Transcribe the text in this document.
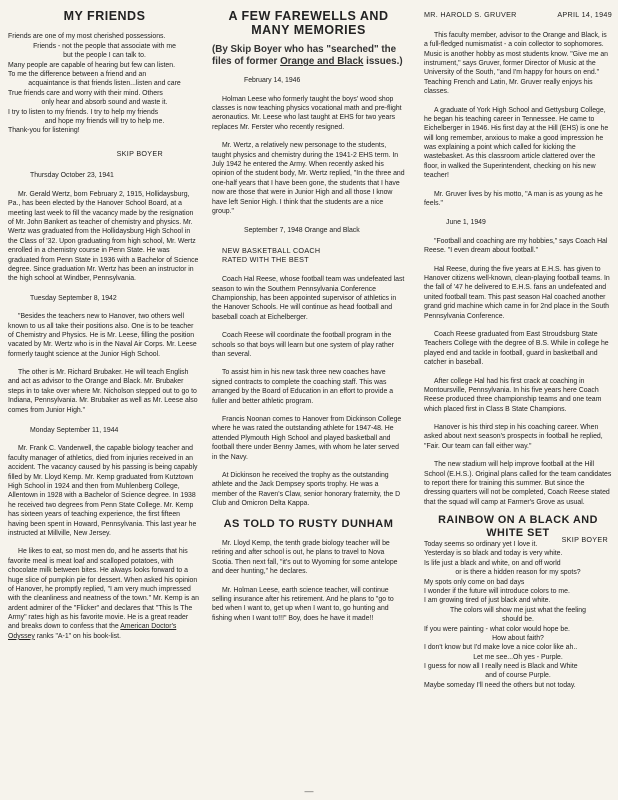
MY FRIENDS

Friends are one of my most cherished possessions.

Friends - not the people that associate with me

but the people I can talk to.

Many people are capable of hearing but few can listen.

To me the difference between a friend and an

acquaintance is that friends listen...listen and care

True friends care and worry with their mind. Others

only hear and absorb sound and waste it.

I try to listen to my friends. I try to help my friends

and hope my friends will try to help me.

Thank-you for listening!

SKIP BOYER

Thursday October 23, 1941

Mr. Gerald Wertz, born February 2, 1915, Hollidaysburg, Pa., has been elected by the Hanover School Board, at a meeting last week to fill the vacancy made by the resignation of Mr. John Bankert as teacher of chemistry and physics. Mr. Wertz was graduated from the Hollidaysburg High School in the Class of '32. Upon graduating from high school, Mr. Wertz enrolled in a chemistry course in Penn State. He was graduated from Penn State in 1936 with a Bachelor of Science degree. Since graduation Mr. Wertz has been an instructor in the high school at Windber, Pennsylvania.

Tuesday September 8, 1942

"Besides the teachers new to Hanover, two others well known to us all take their positions also. One is to be teacher of Chemistry and Physics. He is Mr. Leese, filling the position vacated by Mr. Wertz who is in the Naval Air Corps. Mr. Leese formerly taught science at the Junior High School.

The other is Mr. Richard Brubaker. He will teach English and act as advisor to the Orange and Black. Mr. Brubaker steps in to take over where Mr. Nicholson stepped out to go to Indiana, Pennsylvania. Mr. Brubaker as well as Mr. Leese also comes from Junior High."

Monday September 11, 1944

Mr. Frank C. Vanderwell, the capable biology teacher and faculty manager of athletics, died from injuries received in an accident. The vacancy caused by his passing is being capably filled by Mr. Lloyd Kemp. Mr. Kemp graduated from Kutztown High School in 1924 and then from Muhlenberg College, Allentown in 1928 with a Bachelor of Science degree. In 1938 he received two degrees from Penn State College. Mr. Kemp has sixteen years of teaching experience, the first fifteen having been spent in Howard, Pennsylvania. This last year he instructed at Millville, New Jersey.

He likes to eat, so most men do, and he asserts that his favorite meal is meat loaf and scalloped potatoes, with chocolate milk between bites. He always looks forward to a huge slice of pumpkin pie for dessert. When asked his opinion of Hanover, he promptly replied, "I am very much impressed with the cleanliness and neatness of the town." Mr. Kemp is an ardent admirer of the "Flicker" and declares that "This Is The Army" rates high as his favorite movie. He is a great reader and breaks down to confess that the American Doctor's Odyssey ranks "A-1" on his book-list.

A FEW FAREWELLS AND MANY MEMORIES

(By Skip Boyer who has "searched" the files of former Orange and Black issues.)

February 14, 1946

Holman Leese who formerly taught the boys' wood shop classes is now teaching physics vocational math and pre-flight aeronautics. Mr. Leese who last taught at EHS for two years replaces Mr. Ferster who recently resigned.

Mr. Wertz, a relatively new personage to the students, taught physics and chemistry during the 1941-2 EHS term. In July 1942 he entered the Army. When recently asked his opinion of the student body, Mr. Wertz replied, "In the three and one-half years that I have been gone, the students that I have now are those that were in Junior High and all those I know have left Senior High. I think that the students are a nice group."

September 7, 1948 Orange and Black

NEW BASKETBALL COACH RATED WITH THE BEST

Coach Hal Reese, whose football team was undefeated last season to win the Southern Pennsylvania Conference Championship, has been appointed supervisor of athletics in the Hanover Schools. He will continue as head football and baseball coach at Eichelberger.

Coach Reese will coordinate the football program in the schools so that boys will learn but one system of play rather than several.

To assist him in his new task three new coaches have signed contracts to complete the coaching staff. This was arranged by the Board of Education in an effort to provide a fuller and better athletic program.

Francis Noonan comes to Hanover from Dickinson College where he was rated the outstanding athlete for 1947-48. He attended Plymouth High School and played basketball and football there under Benny James, with whom he later served in the Navy.

At Dickinson he received the trophy as the outstanding athlete and the Jack Dempsey sports trophy. He was a member of the Raven's Claw, senior honorary fraternity, the D Club and Omicron Delta Kappa.

AS TOLD TO RUSTY DUNHAM

Mr. Lloyd Kemp, the tenth grade biology teacher will be retiring and after school is out, he plans to travel to Nova Scotia. Then next fall, "it's out to Wyoming for some antelope and deer hunting," he declares.

Mr. Holman Leese, earth science teacher, will continue selling insurance after his retirement. And he plans to "go to bed when I want to, get up when I want to, go hunting and fishing when I want to!!!" Boy, does he have it made!!

MR. HAROLD S. GRUVER	APRIL 14, 1949

This faculty member, advisor to the Orange and Black, is a full-fledged numismatist - a coin collector to sophomores. Music is another hobby as most students know. "Give me an instrument," says Gruver, former Director of Music at the University of the South, "and I'm happy for hours on end." Teaching French and Latin, Mr. Gruver really enjoys his classes.

A graduate of York High School and Gettysburg College, he began his teaching career in Tennessee. He came to Eichelberger in 1946. His first day at the Hill (EHS) is one he will long remember, anxious to make a good impression he was explaining a point which called for kicking the wastebasket. As this classroom article clattered over the floor, in walked the Superintendent, checking on his new teacher!

Mr. Gruver lives by his motto, "A man is as young as he feels."

June 1, 1949

"Football and coaching are my hobbies," says Coach Hal Reese. "I even dream about football."

Hal Reese, during the five years at E.H.S. has given to Hanover citizens well-known, clean-playing football teams. In the fall of '47 he delivered to E.H.S. fans an undefeated and united football team. This past season Hal coached another grand grid machine which came in for 2nd place in the South Pennsylvania Conference.

Coach Reese graduated from East Stroudsburg State Teachers College with the degree of B.S. While in college he played end and tackle in football, guard in basketball and catcher in baseball.

After college Hal had his first crack at coaching in Montoursville, Pennsylvania. In his five years here Coach Reese produced three championship teams and one team which placed first in Class B State Champions.

Hanover is his third step in his coaching career. When asked about next season's prospects in football he replied, "Fair. Our team can fall either way."

The new stadium will help improve football at the Hill School (E.H.S.). Original plans called for the team candidates to report there for training this summer. But since the dressing quarters will not be completed, Coach Reese stated that the squad will camp at Farmer's Grove as usual.

RAINBOW ON A BLACK AND WHITE SET
SKIP BOYER

Today seems so ordinary yet I love it.

Yesterday is so black and today is very white.

Is life just a black and white, on and off world

or is there a hidden reason for my spots?

My spots only come on bad days

I wonder if the future will introduce colors to me.

I am growing tired of just black and white.

The colors will show me just what the feeling

should be.

If you were painting - what color would hope be.

How about faith?

I don't know but I'd make love a nice color like ah..

Let me see...Oh yes - Purple.

I guess for now all I really need is Black and White

and of course Purple.

Maybe someday I'll need the others but not today.

—
